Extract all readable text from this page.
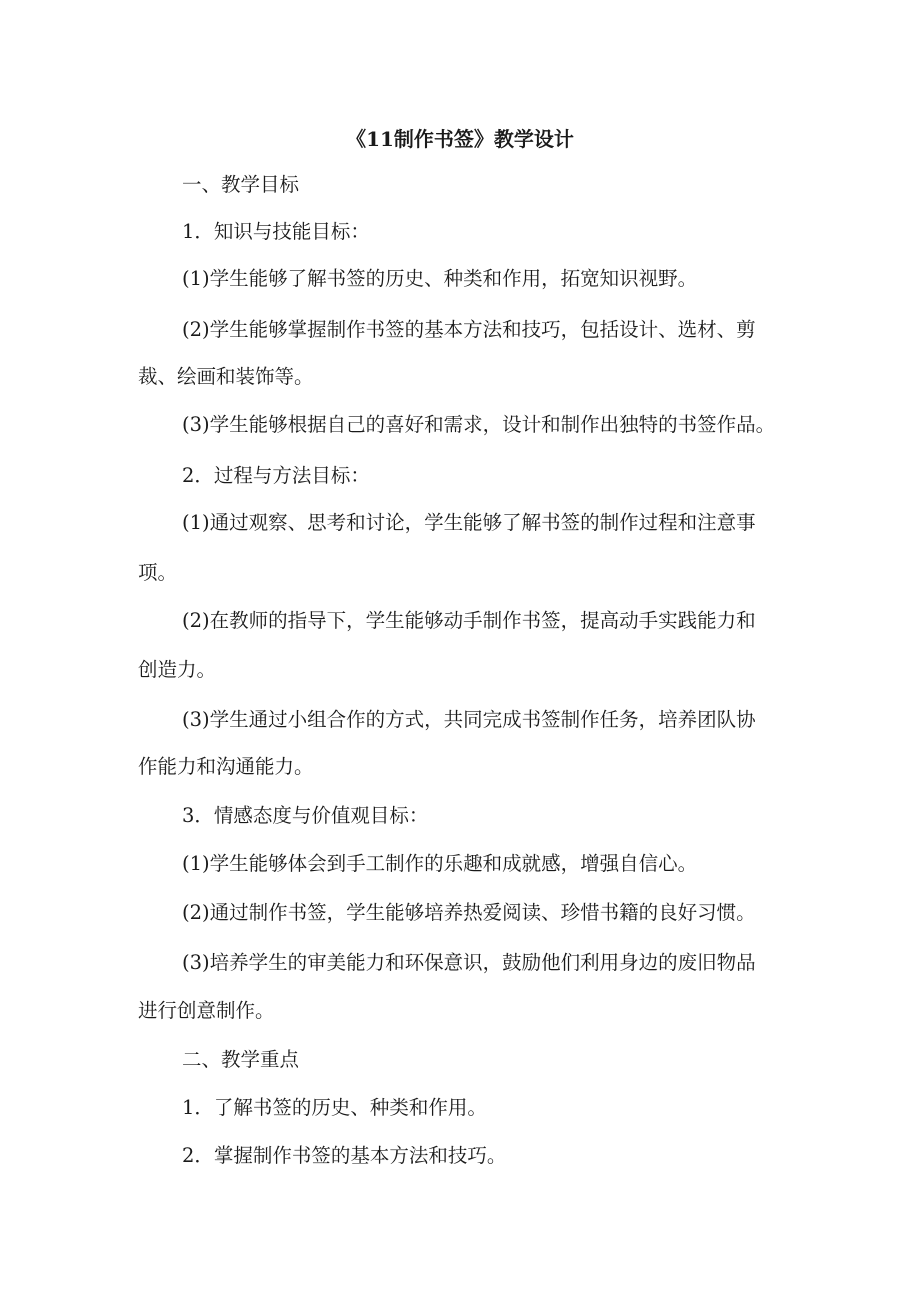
《11制作书签》教学设计
一、教学目标
1．知识与技能目标：
(1)学生能够了解书签的历史、种类和作用，拓宽知识视野。
(2)学生能够掌握制作书签的基本方法和技巧，包括设计、选材、剪
裁、绘画和装饰等。
(3)学生能够根据自己的喜好和需求，设计和制作出独特的书签作品。
2．过程与方法目标：
(1)通过观察、思考和讨论，学生能够了解书签的制作过程和注意事
项。
(2)在教师的指导下，学生能够动手制作书签，提高动手实践能力和
创造力。
(3)学生通过小组合作的方式，共同完成书签制作任务，培养团队协
作能力和沟通能力。
3．情感态度与价值观目标：
(1)学生能够体会到手工制作的乐趣和成就感，增强自信心。
(2)通过制作书签，学生能够培养热爱阅读、珍惜书籍的良好习惯。
(3)培养学生的审美能力和环保意识，鼓励他们利用身边的废旧物品
进行创意制作。
二、教学重点
1．了解书签的历史、种类和作用。
2．掌握制作书签的基本方法和技巧。
